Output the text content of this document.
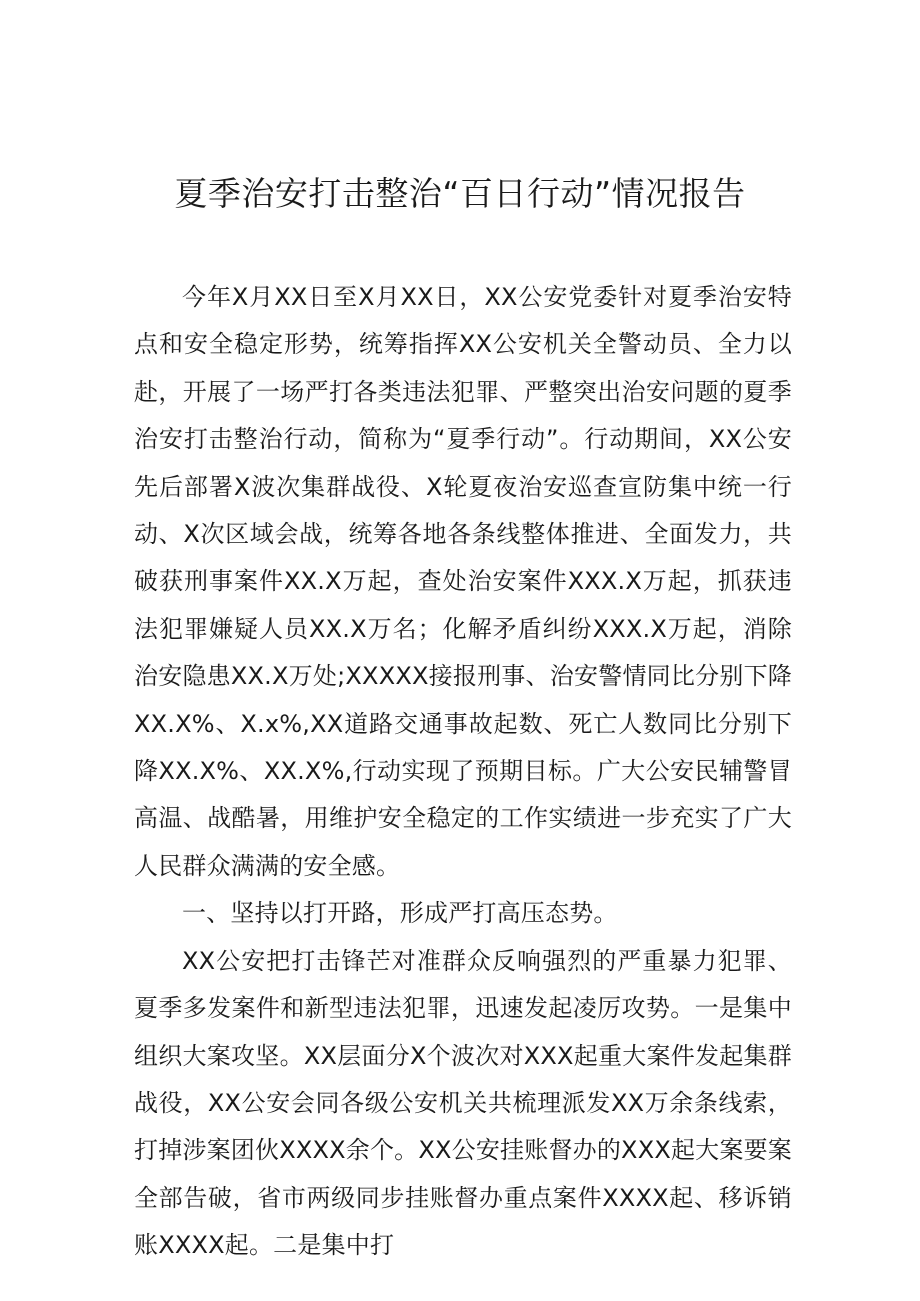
夏季治安打击整治“百日行动”情况报告

今年X月XX日至X月XX日，XX公安党委针对夏季治安特点和安全稳定形势，统筹指挥XX公安机关全警动员、全力以赴，开展了一场严打各类违法犯罪、严整突出治安问题的夏季治安打击整治行动，简称为“夏季行动”。行动期间，XX公安先后部署X波次集群战役、X轮夏夜治安巡查宣防集中统一行动、X次区域会战，统筹各地各条线整体推进、全面发力，共破获刑事案件XX.X万起，查处治安案件XXX.X万起，抓获违法犯罪嫌疑人员XX.X万名；化解矛盾纠纷XXX.X万起，消除治安隐患XX.X万处;XXXXX接报刑事、治安警情同比分别下降XX.X%、X.x%,XX道路交通事故起数、死亡人数同比分别下降XX.X%、XX.X%,行动实现了预期目标。广大公安民辅警冒高温、战酷暑，用维护安全稳定的工作实绩进一步充实了广大人民群众满满的安全感。

一、坚持以打开路，形成严打高压态势。

XX公安把打击锋芒对准群众反响强烈的严重暴力犯罪、夏季多发案件和新型违法犯罪，迅速发起凌厉攻势。一是集中组织大案攻坚。XX层面分X个波次对XXX起重大案件发起集群战役，XX公安会同各级公安机关共梳理派发XX万余条线索，打掉涉案团伙XXXX余个。XX公安挂账督办的XXX起大案要案全部告破，省市两级同步挂账督办重点案件XXXX起、移诉销账XXXX起。二是集中打
